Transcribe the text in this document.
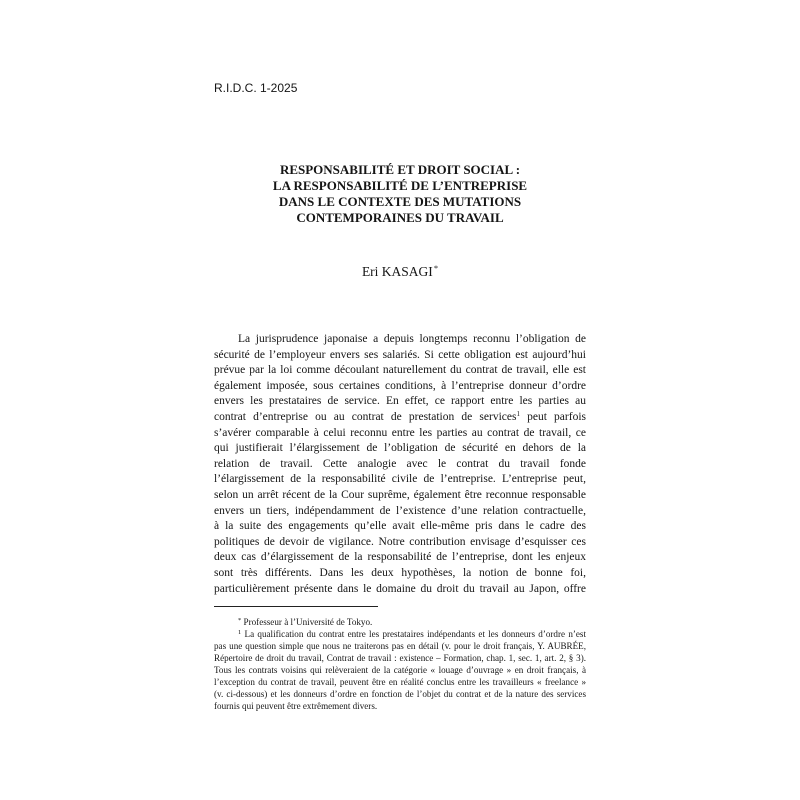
R.I.D.C. 1-2025
RESPONSABILITÉ ET DROIT SOCIAL :
LA RESPONSABILITÉ DE L’ENTREPRISE
DANS LE CONTEXTE DES MUTATIONS
CONTEMPORAINES DU TRAVAIL
Eri KASAGI*
La jurisprudence japonaise a depuis longtemps reconnu l’obligation de
sécurité de l’employeur envers ses salariés. Si cette obligation est aujourd’hui
prévue par la loi comme découlant naturellement du contrat de travail, elle est
également imposée, sous certaines conditions, à l’entreprise donneur d’ordre
envers les prestataires de service. En effet, ce rapport entre les parties au
contrat d’entreprise ou au contrat de prestation de services$^1$ peut parfois
s’avérer comparable à celui reconnu entre les parties au contrat de travail, ce
qui justifierait l’élargissement de l’obligation de sécurité en dehors de la
relation de travail. Cette analogie avec le contrat du travail fonde
l’élargissement de la responsabilité civile de l’entreprise. L’entreprise peut,
selon un arrêt récent de la Cour suprême, également être reconnue responsable
envers un tiers, indépendamment de l’existence d’une relation contractuelle,
à la suite des engagements qu’elle avait elle-même pris dans le cadre des
politiques de devoir de vigilance. Notre contribution envisage d’esquisser ces
deux cas d’élargissement de la responsabilité de l’entreprise, dont les enjeux
sont très différents. Dans les deux hypothèses, la notion de bonne foi,
particulièrement présente dans le domaine du droit du travail au Japon, offre
* Professeur à l’Université de Tokyo.
$^1$ La qualification du contrat entre les prestataires indépendants et les donneurs d’ordre n’est
pas une question simple que nous ne traiterons pas en détail (v. pour le droit français, Y. AUBRÉE,
Répertoire de droit du travail, Contrat de travail : existence – Formation, chap. 1, sec. 1, art. 2, § 3).
Tous les contrats voisins qui relèveraient de la catégorie « louage d’ouvrage » en droit français, à
l’exception du contrat de travail, peuvent être en réalité conclus entre les travailleurs « freelance »
(v. ci-dessous) et les donneurs d’ordre en fonction de l’objet du contrat et de la nature des services
fournis qui peuvent être extrêmement divers.
